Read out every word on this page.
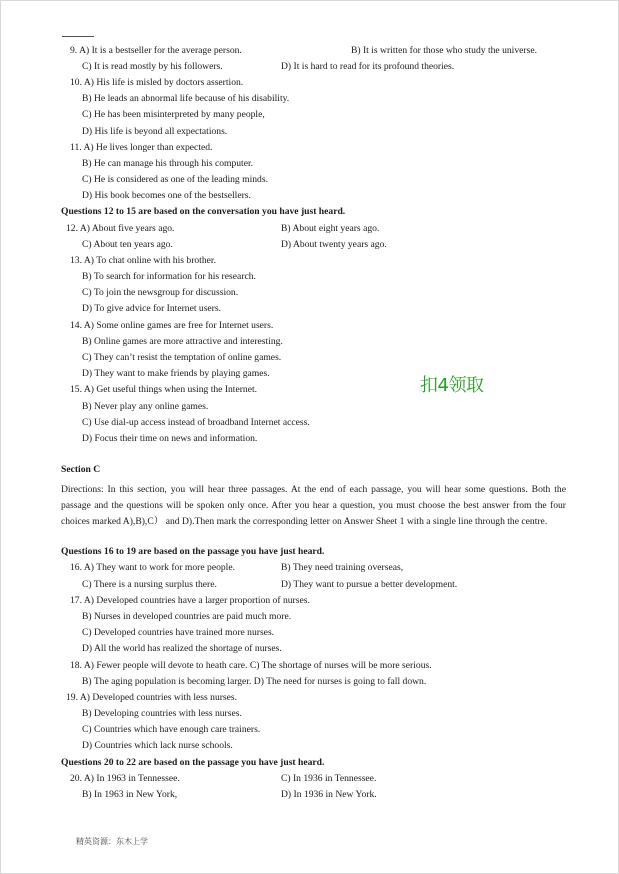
9. A) It is a bestseller for the average person.	B) It is written for those who study the universe.
C) It is read mostly by his followers.	D) It is hard to read for its profound theories.
10. A) His life is misled by doctors assertion.
B) He leads an abnormal life because of his disability.
C) He has been misinterpreted by many people,
D) His life is beyond all expectations.
11. A) He lives longer than expected.
B) He can manage his through his computer.
C) He is considered as one of the leading minds.
D) His book becomes one of the bestsellers.
Questions 12 to 15 are based on the conversation you have just heard.
12. A) About five years ago.	B) About eight years ago.
C) About ten years ago.	D) About twenty years ago.
13. A) To chat online with his brother.
B) To search for information for his research.
C) To join the newsgroup for discussion.
D) To give advice for Internet users.
14. A) Some online games are free for Internet users.
B) Online games are more attractive and interesting.
C) They can’t resist the temptation of online games.
D) They want to make friends by playing games.
15. A) Get useful things when using the Internet.
B) Never play any online games.
C) Use dial-up access instead of broadband Internet access.
D) Focus their time on news and information.
Section C
Directions: In this section, you will hear three passages. At the end of each passage, you will hear some questions. Both the passage and the questions will be spoken only once. After you hear a question, you must choose the best answer from the four choices marked A),B),C） and D).Then mark the corresponding letter on Answer Sheet 1 with a single line through the centre.
Questions 16 to 19 are based on the passage you have just heard.
16. A) They want to work for more people.	B) They need training overseas,
C) There is a nursing surplus there.	D) They want to pursue a better development.
17. A) Developed countries have a larger proportion of nurses.
B) Nurses in developed countries are paid much more.
C) Developed countries have trained more nurses.
D) All the world has realized the shortage of nurses.
18. A) Fewer people will devote to heath care. C) The shortage of nurses will be more serious.
B) The aging population is becoming larger. D) The need for nurses is going to fall down.
19. A) Developed countries with less nurses.
B) Developing countries with less nurses.
C) Countries which have enough care trainers.
D) Countries which lack nurse schools.
Questions 20 to 22 are based on the passage you have just heard.
20. A) In 1963 in Tennessee.	C) In 1936 in Tennessee.
B) In 1963 in New York,	D) In 1936 in New York.
扣4领取
精英资源：东木上学
